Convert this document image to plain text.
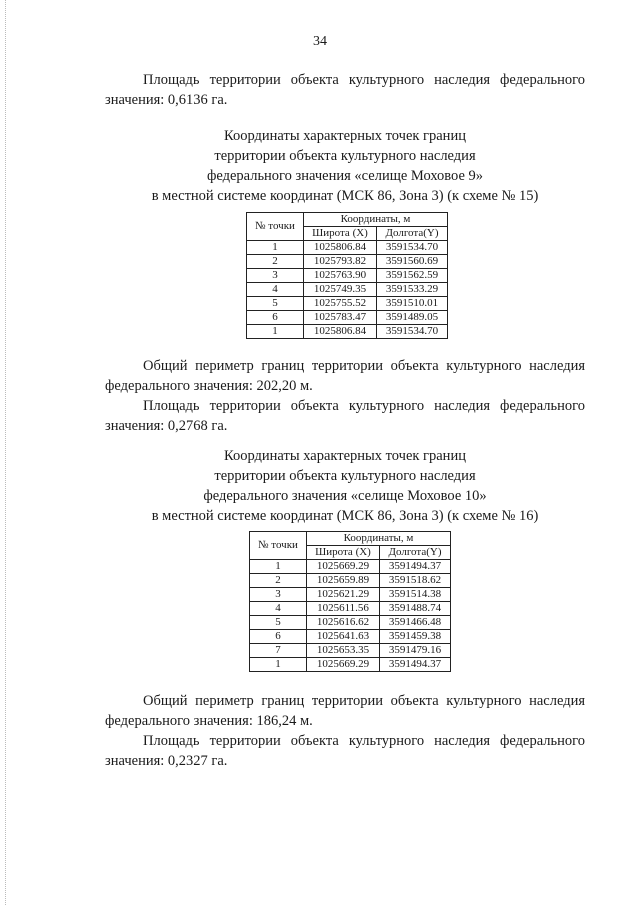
34
Площадь территории объекта культурного наследия федерального
значения: 0,6136 га.
Координаты характерных точек границ
территории объекта культурного наследия
федерального значения «селище Моховое 9»
в местной системе координат (МСК 86, Зона 3) (к схеме № 15)
№ точки	Координаты, м	
	Широта (X)	Долгота(Y)
1	1025806.84	3591534.70
2	1025793.82	3591560.69
3	1025763.90	3591562.59
4	1025749.35	3591533.29
5	1025755.52	3591510.01
6	1025783.47	3591489.05
1	1025806.84	3591534.70
Общий периметр границ территории объекта культурного наследия
федерального значения: 202,20 м.
Площадь территории объекта культурного наследия федерального
значения: 0,2768 га.
Координаты характерных точек границ
территории объекта культурного наследия
федерального значения «селище Моховое 10»
в местной системе координат (МСК 86, Зона 3) (к схеме № 16)
№ точки	Координаты, м	
	Широта (X)	Долгота(Y)
1	1025669.29	3591494.37
2	1025659.89	3591518.62
3	1025621.29	3591514.38
4	1025611.56	3591488.74
5	1025616.62	3591466.48
6	1025641.63	3591459.38
7	1025653.35	3591479.16
1	1025669.29	3591494.37
Общий периметр границ территории объекта культурного наследия
федерального значения: 186,24 м.
Площадь территории объекта культурного наследия федерального
значения: 0,2327 га.
